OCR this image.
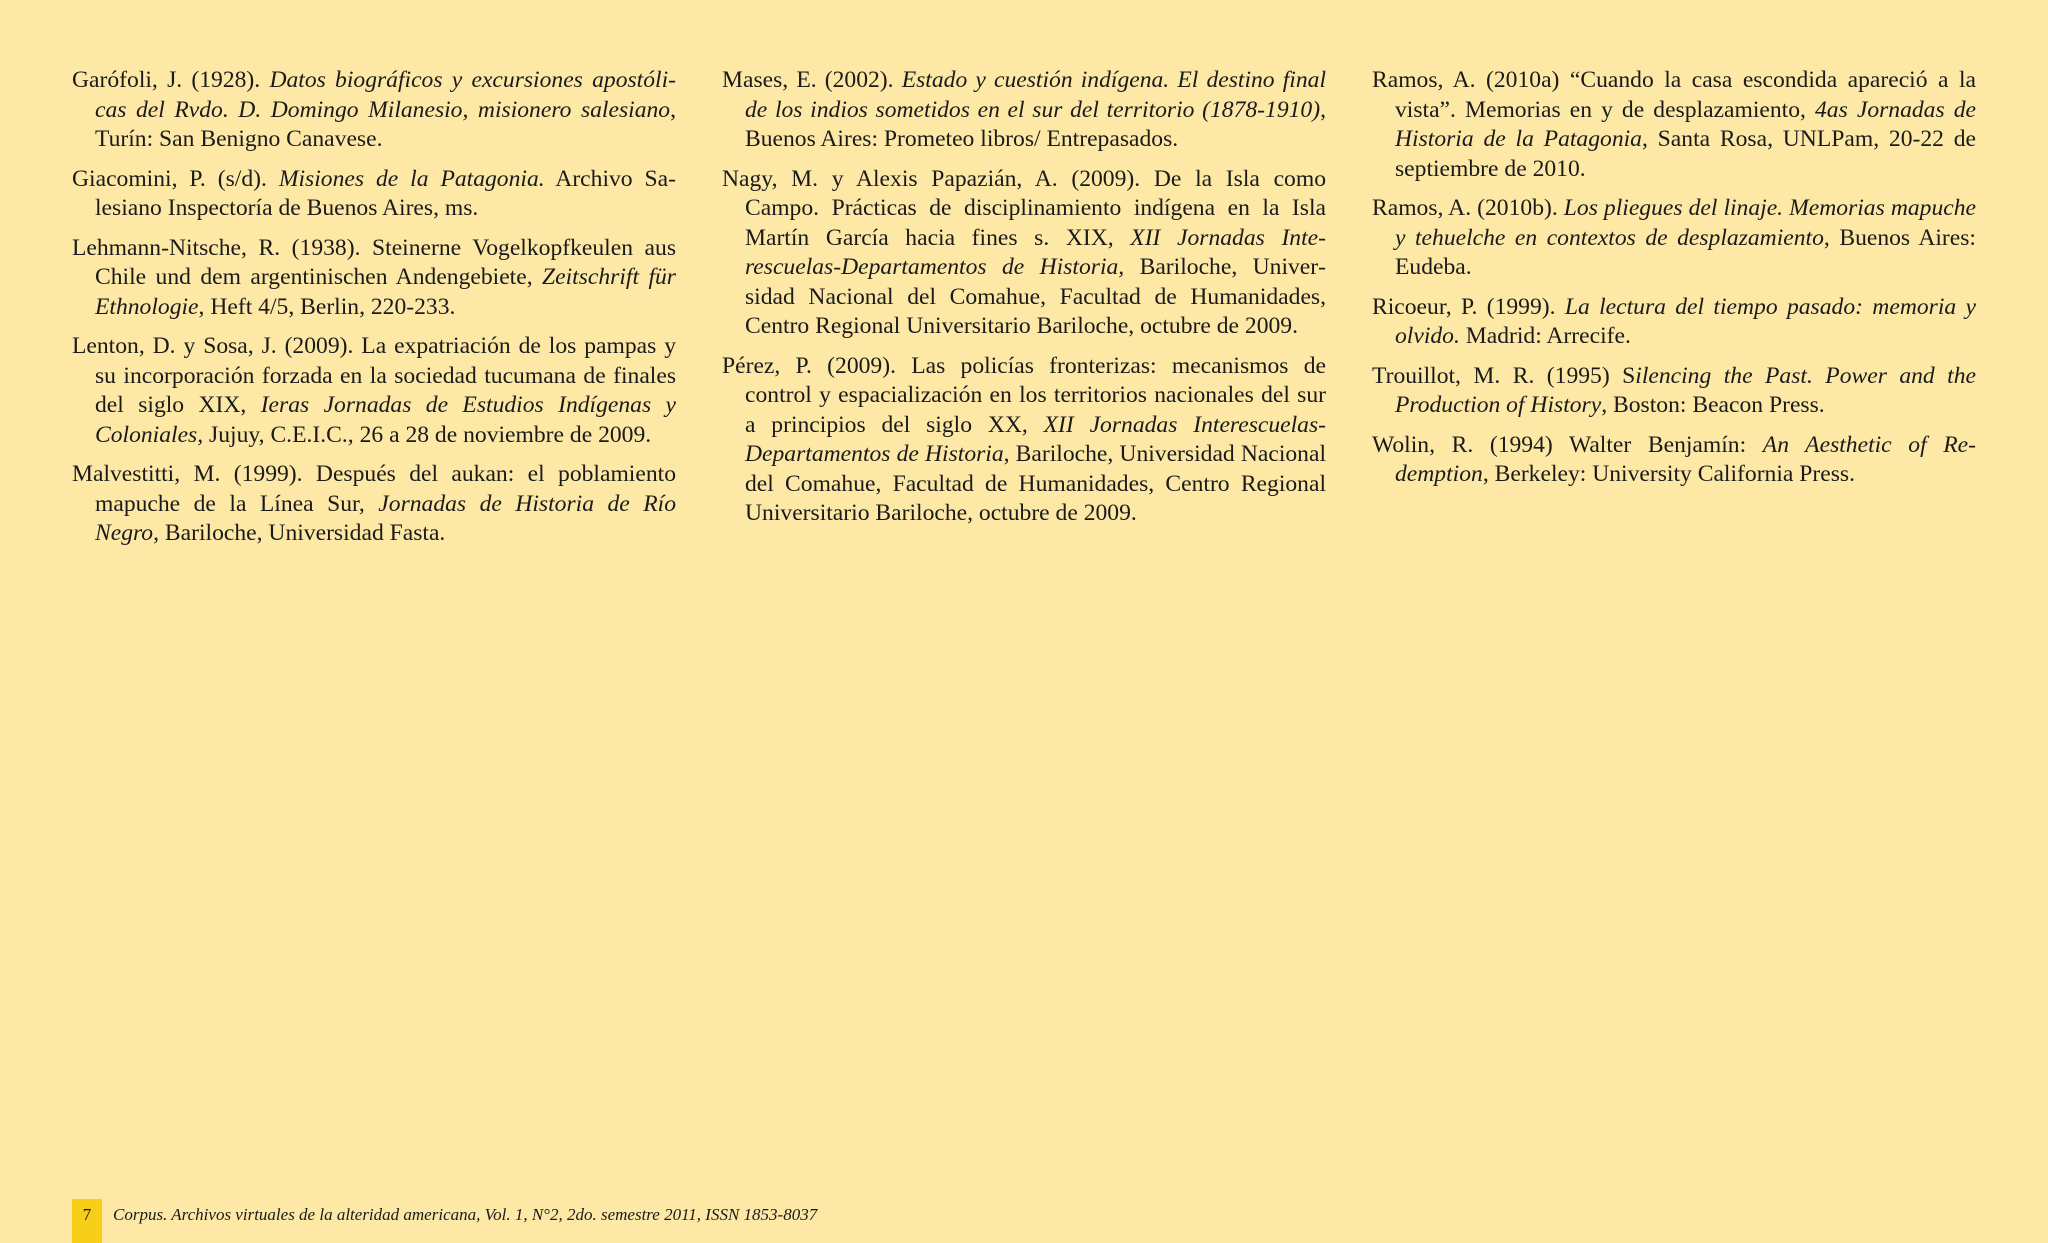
Garófoli, J. (1928). Datos biográficos y excursiones apostólicas del Rvdo. D. Domingo Milanesio, misionero salesiano, Turín: San Benigno Canavese.

Giacomini, P. (s/d). Misiones de la Patagonia. Archivo Salesiano Inspectoría de Buenos Aires, ms.

Lehmann-Nitsche, R. (1938). Steinerne Vogelkopfkeulen aus Chile und dem argentinischen Andengebiete, Zeitschrift für Ethnologie, Heft 4/5, Berlin, 220-233.

Lenton, D. y Sosa, J. (2009). La expatriación de los pampas y su incorporación forzada en la sociedad tucumana de finales del siglo XIX, Ieras Jornadas de Estudios Indígenas y Coloniales, Jujuy, C.E.I.C., 26 a 28 de noviembre de 2009.

Malvestitti, M. (1999). Después del aukan: el poblamiento mapuche de la Línea Sur, Jornadas de Historia de Río Negro, Bariloche, Universidad Fasta.

Mases, E. (2002). Estado y cuestión indígena. El destino final de los indios sometidos en el sur del territorio (1878-1910), Buenos Aires: Prometeo libros/ Entrepasados.

Nagy, M. y Alexis Papazián, A. (2009). De la Isla como Campo. Prácticas de disciplinamiento indígena en la Isla Martín García hacia fines s. XIX, XII Jornadas Interescuelas-Departamentos de Historia, Bariloche, Universidad Nacional del Comahue, Facultad de Humanidades, Centro Regional Universitario Bariloche, octubre de 2009.

Pérez, P. (2009). Las policías fronterizas: mecanismos de control y espacialización en los territorios nacionales del sur a principios del siglo XX, XII Jornadas Interescuelas-Departamentos de Historia, Bariloche, Universidad Nacional del Comahue, Facultad de Humanidades, Centro Regional Universitario Bariloche, octubre de 2009.

Ramos, A. (2010a) “Cuando la casa escondida apareció a la vista”. Memorias en y de desplazamiento, 4as Jornadas de Historia de la Patagonia, Santa Rosa, UNLPam, 20-22 de septiembre de 2010.

Ramos, A. (2010b). Los pliegues del linaje. Memorias mapuche y tehuelche en contextos de desplazamiento, Buenos Aires: Eudeba.

Ricoeur, P. (1999). La lectura del tiempo pasado: memoria y olvido. Madrid: Arrecife.

Trouillot, M. R. (1995) Silencing the Past. Power and the Production of History, Boston: Beacon Press.

Wolin, R. (1994) Walter Benjamín: An Aesthetic of Redemption, Berkeley: University California Press.

7	Corpus. Archivos virtuales de la alteridad americana, Vol. 1, N°2, 2do. semestre 2011, ISSN 1853-8037
